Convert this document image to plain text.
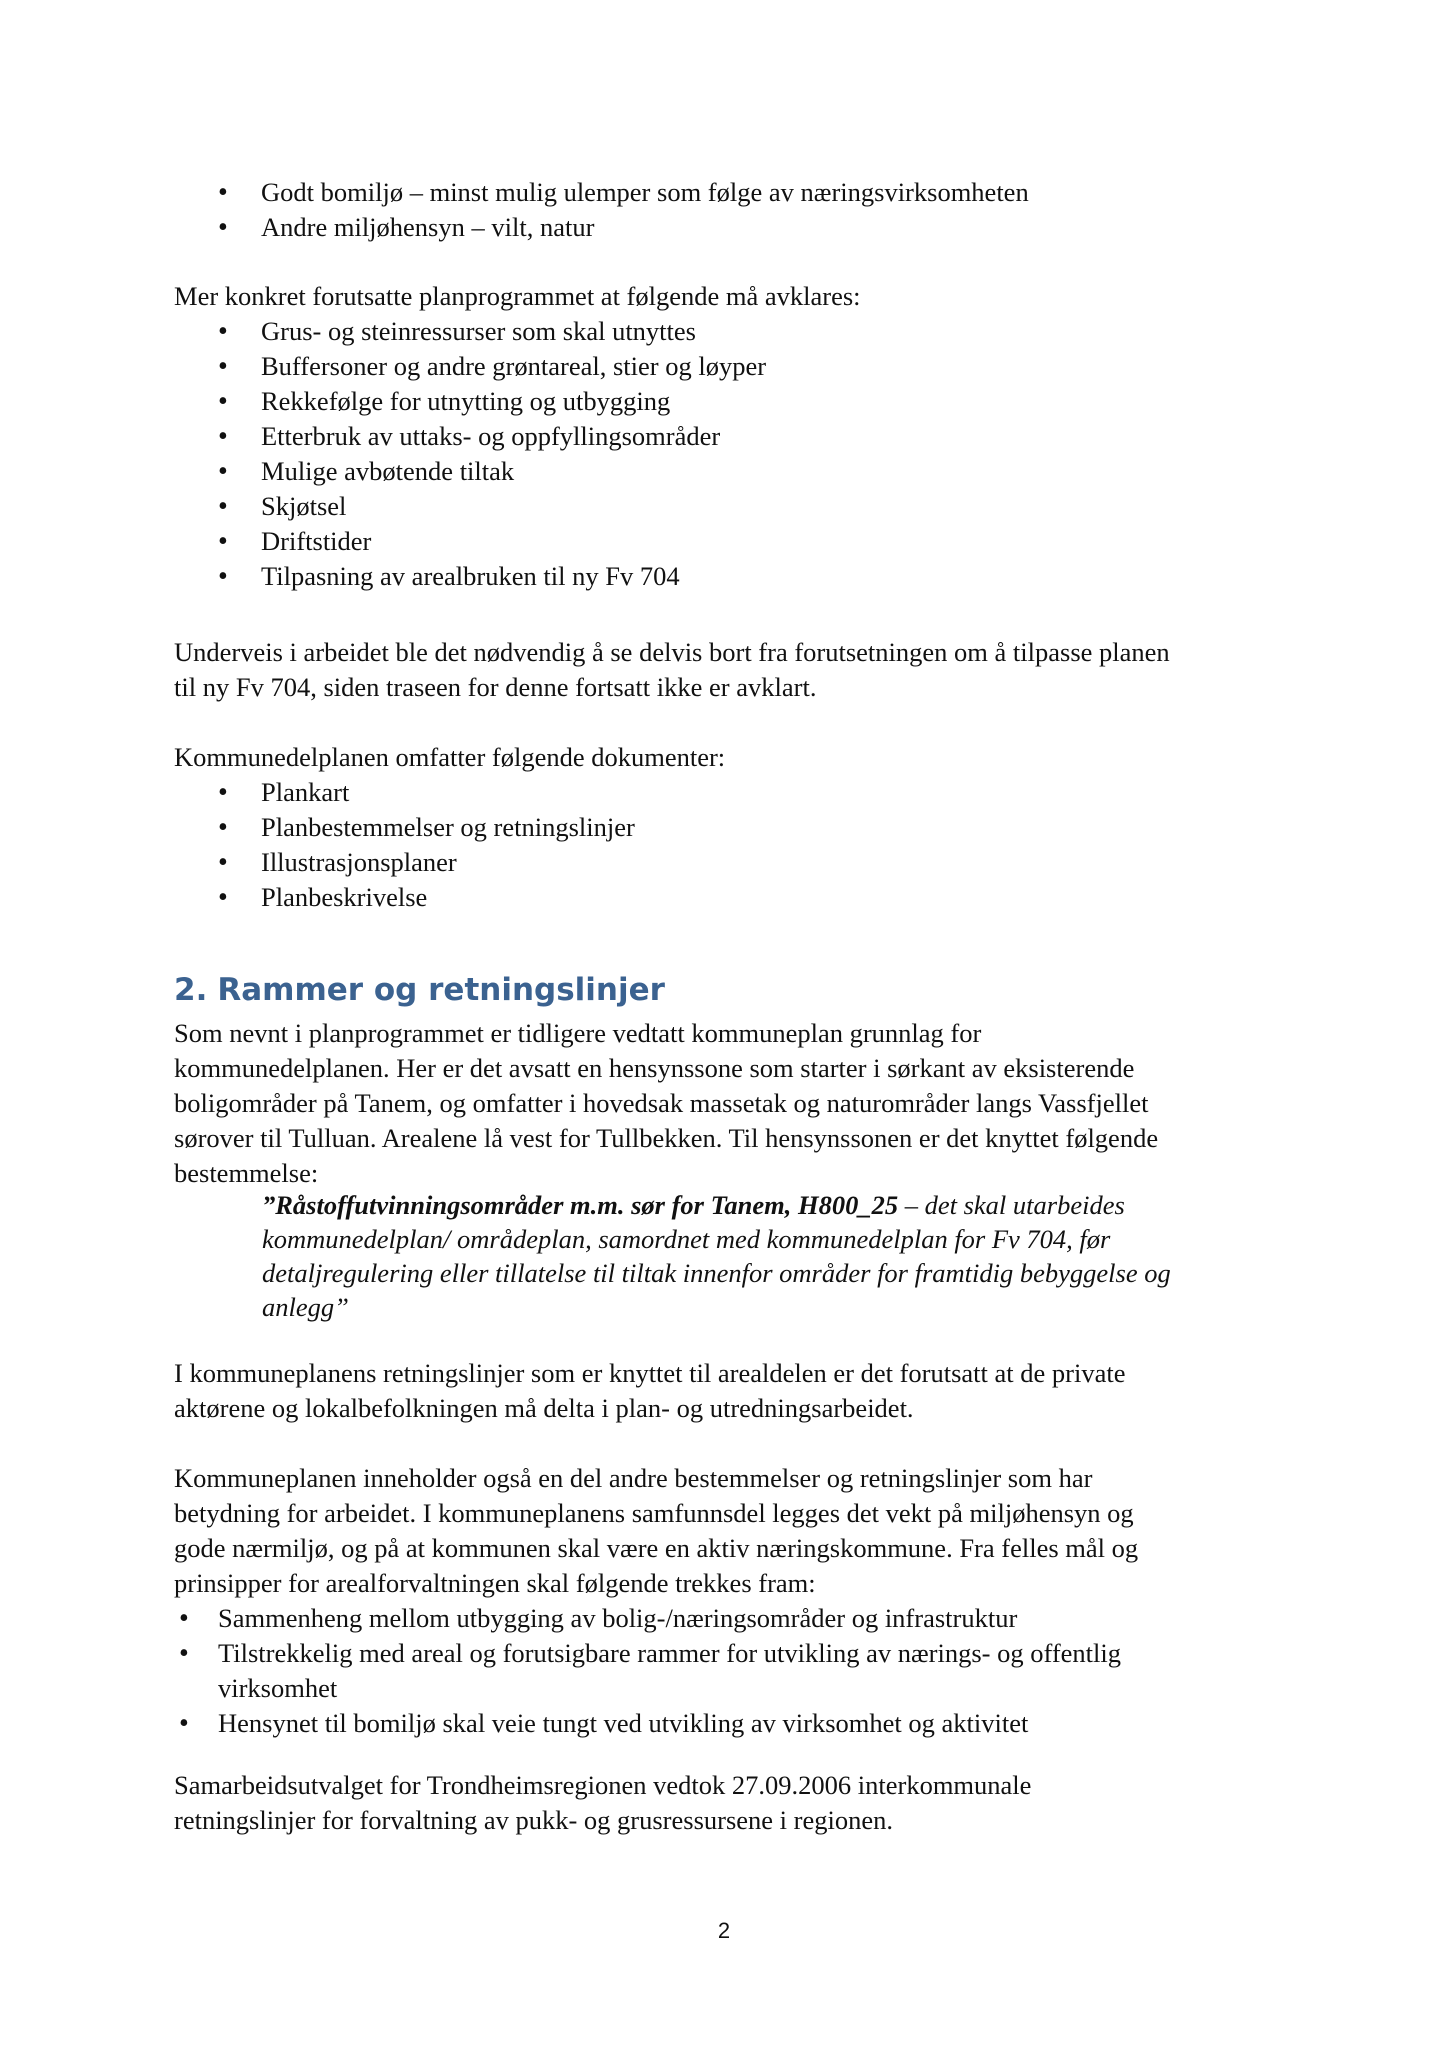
• Godt bomiljø – minst mulig ulemper som følge av næringsvirksomheten
• Andre miljøhensyn – vilt, natur

Mer konkret forutsatte planprogrammet at følgende må avklares:

• Grus- og steinressurser som skal utnyttes
• Buffersoner og andre grøntareal, stier og løyper
• Rekkefølge for utnytting og utbygging
• Etterbruk av uttaks- og oppfyllingsområder
• Mulige avbøtende tiltak
• Skjøtsel
• Driftstider
• Tilpasning av arealbruken til ny Fv 704

Underveis i arbeidet ble det nødvendig å se delvis bort fra forutsetningen om å tilpasse planen

til ny Fv 704, siden traseen for denne fortsatt ikke er avklart.

Kommunedelplanen omfatter følgende dokumenter:

• Plankart
• Planbestemmelser og retningslinjer
• Illustrasjonsplaner
• Planbeskrivelse
2. Rammer og retningslinjer

Som nevnt i planprogrammet er tidligere vedtatt kommuneplan grunnlag for

kommunedelplanen. Her er det avsatt en hensynssone som starter i sørkant av eksisterende

boligområder på Tanem, og omfatter i hovedsak massetak og naturområder langs Vassfjellet

sørover til Tulluan. Arealene lå vest for Tullbekken. Til hensynssonen er det knyttet følgende

bestemmelse:

”Råstoffutvinningsområder m.m. sør for Tanem, H800_25 – det skal utarbeides

kommunedelplan/ områdeplan, samordnet med kommunedelplan for Fv 704, før

detaljregulering eller tillatelse til tiltak innenfor områder for framtidig bebyggelse og

anlegg”

I kommuneplanens retningslinjer som er knyttet til arealdelen er det forutsatt at de private

aktørene og lokalbefolkningen må delta i plan- og utredningsarbeidet.

Kommuneplanen inneholder også en del andre bestemmelser og retningslinjer som har

betydning for arbeidet. I kommuneplanens samfunnsdel legges det vekt på miljøhensyn og

gode nærmiljø, og på at kommunen skal være en aktiv næringskommune. Fra felles mål og

prinsipper for arealforvaltningen skal følgende trekkes fram:

• Sammenheng mellom utbygging av bolig-/næringsområder og infrastruktur
• Tilstrekkelig med areal og forutsigbare rammer for utvikling av nærings- og offentlig
virksomhet
• Hensynet til bomiljø skal veie tungt ved utvikling av virksomhet og aktivitet

Samarbeidsutvalget for Trondheimsregionen vedtok 27.09.2006 interkommunale

retningslinjer for forvaltning av pukk- og grusressursene i regionen.

2
